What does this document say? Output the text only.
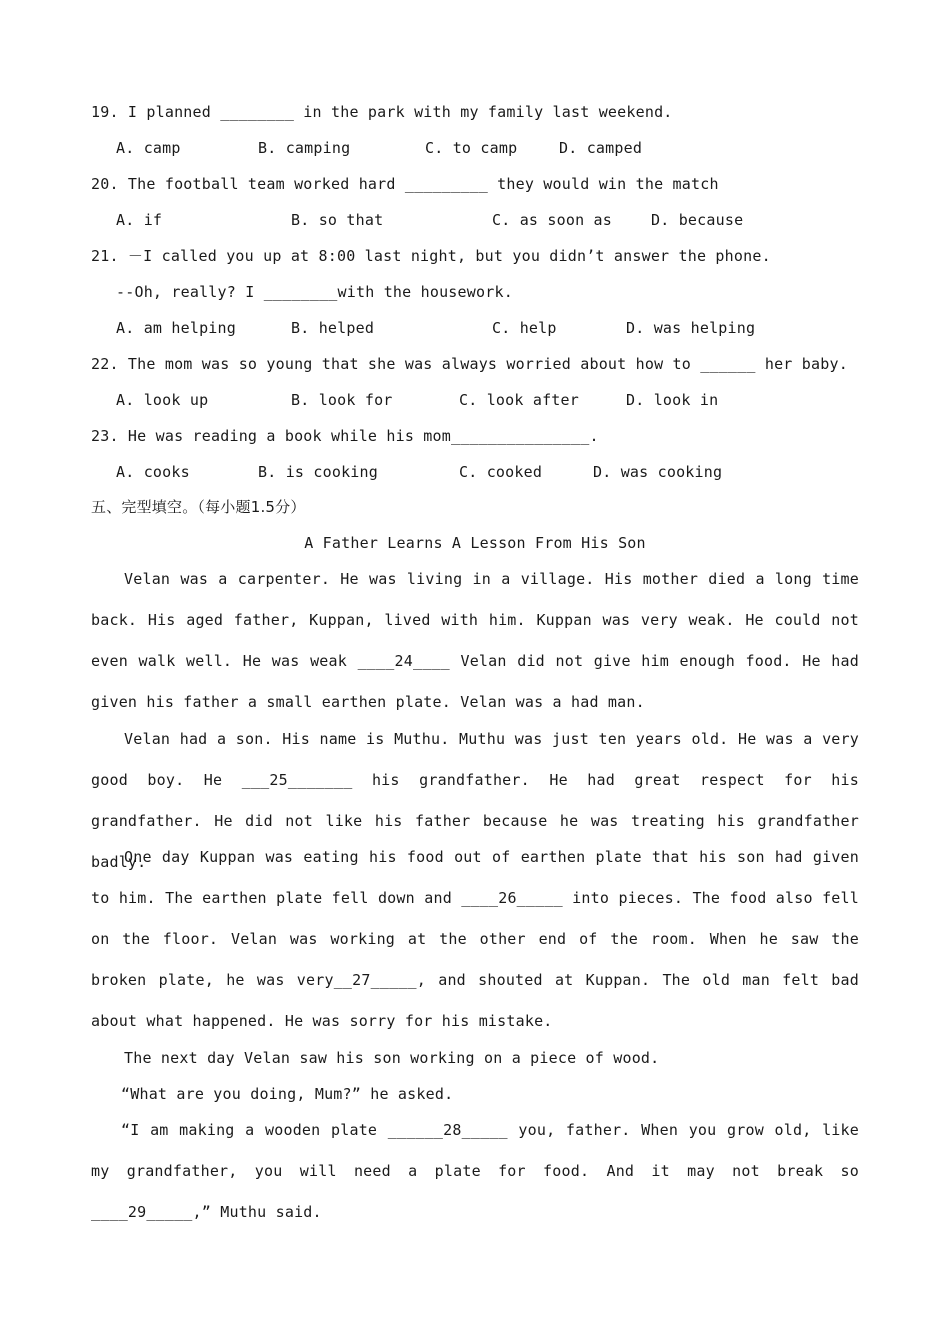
19. I planned ________ in the park with my family last weekend.
A. camp	B. camping	C. to camp	D. camped
20. The football team worked hard _________ they would win the match
A. if	B. so that	C. as soon as	D. because
21. －I called you up at 8:00 last night, but you didn’t answer the phone.
--Oh, really? I ________with the housework.
A. am helping	B. helped	C. help	D. was helping
22. The mom was so young that she was always worried about how to ______ her baby.
A. look up	B. look for	C. look after	D. look in
23. He was reading a book while his mom_______________.
A. cooks	B. is cooking	C. cooked	D. was cooking
五、完型填空。（每小题1.5分）
A Father Learns A Lesson From His Son

Velan was a carpenter. He was living in a village. His mother died a long time back. His aged father, Kuppan, lived with him. Kuppan was very weak. He could not even walk well. He was weak ____24____ Velan did not give him enough food. He had given his father a small earthen plate. Velan was a had man.

Velan had a son. His name is Muthu. Muthu was just ten years old. He was a very good boy. He ___25_______ his grandfather. He had great respect for his grandfather. He did not like his father because he was treating his grandfather badly.

One day Kuppan was eating his food out of earthen plate that his son had given to him. The earthen plate fell down and ____26_____ into pieces. The food also fell on the floor. Velan was working at the other end of the room. When he saw the broken plate, he was very__27_____, and shouted at Kuppan. The old man felt bad about what happened. He was sorry for his mistake.

The next day Velan saw his son working on a piece of wood.
“What are you doing, Mum?” he asked.

“I am making a wooden plate ______28_____ you, father. When you grow old, like my grandfather, you will need a plate for food. And it may not break so ____29_____,” Muthu said.
